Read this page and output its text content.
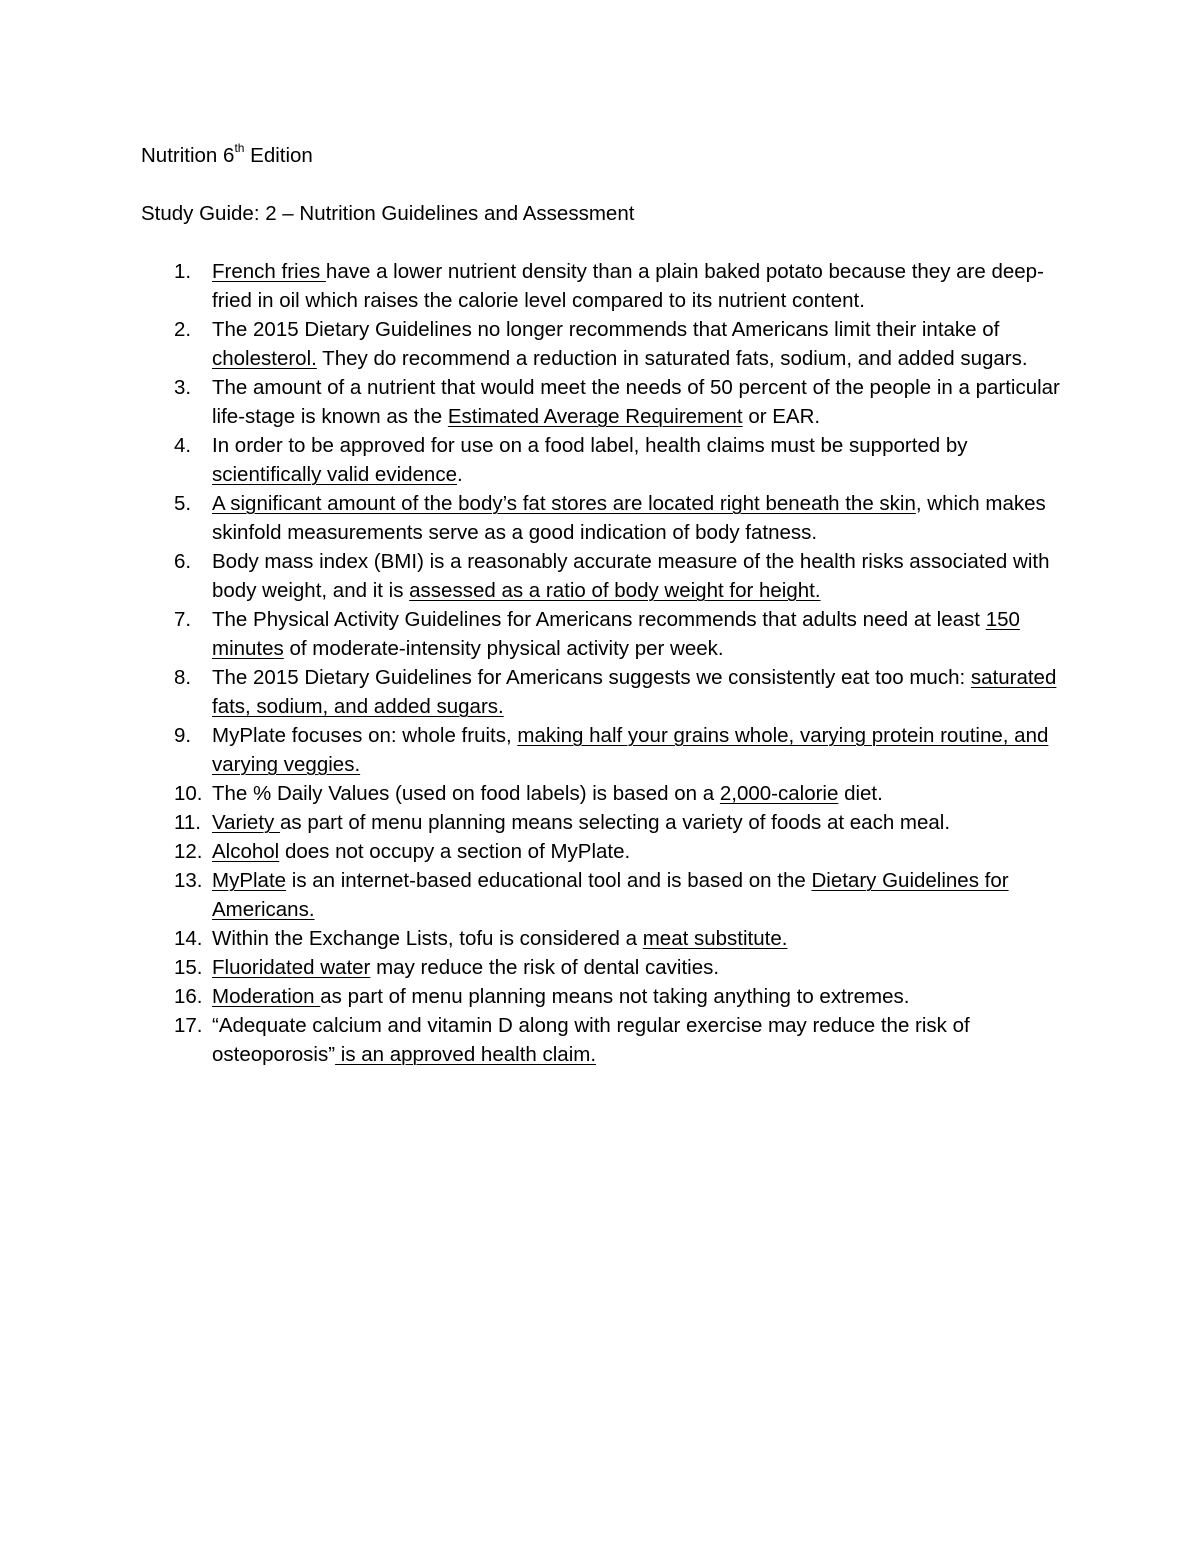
Nutrition 6th Edition

Study Guide: 2 – Nutrition Guidelines and Assessment

1. French fries have a lower nutrient density than a plain baked potato because they are deep-fried in oil which raises the calorie level compared to its nutrient content.
2. The 2015 Dietary Guidelines no longer recommends that Americans limit their intake of cholesterol. They do recommend a reduction in saturated fats, sodium, and added sugars.
3. The amount of a nutrient that would meet the needs of 50 percent of the people in a particular life-stage is known as the Estimated Average Requirement or EAR.
4. In order to be approved for use on a food label, health claims must be supported by scientifically valid evidence.
5. A significant amount of the body’s fat stores are located right beneath the skin, which makes skinfold measurements serve as a good indication of body fatness.
6. Body mass index (BMI) is a reasonably accurate measure of the health risks associated with body weight, and it is assessed as a ratio of body weight for height.
7. The Physical Activity Guidelines for Americans recommends that adults need at least 150 minutes of moderate-intensity physical activity per week.
8. The 2015 Dietary Guidelines for Americans suggests we consistently eat too much: saturated fats, sodium, and added sugars.
9. MyPlate focuses on: whole fruits, making half your grains whole, varying protein routine, and varying veggies.
10. The % Daily Values (used on food labels) is based on a 2,000-calorie diet.
11. Variety as part of menu planning means selecting a variety of foods at each meal.
12. Alcohol does not occupy a section of MyPlate.
13. MyPlate is an internet-based educational tool and is based on the Dietary Guidelines for Americans.
14. Within the Exchange Lists, tofu is considered a meat substitute.
15. Fluoridated water may reduce the risk of dental cavities.
16. Moderation as part of menu planning means not taking anything to extremes.
17. “Adequate calcium and vitamin D along with regular exercise may reduce the risk of osteoporosis” is an approved health claim.
